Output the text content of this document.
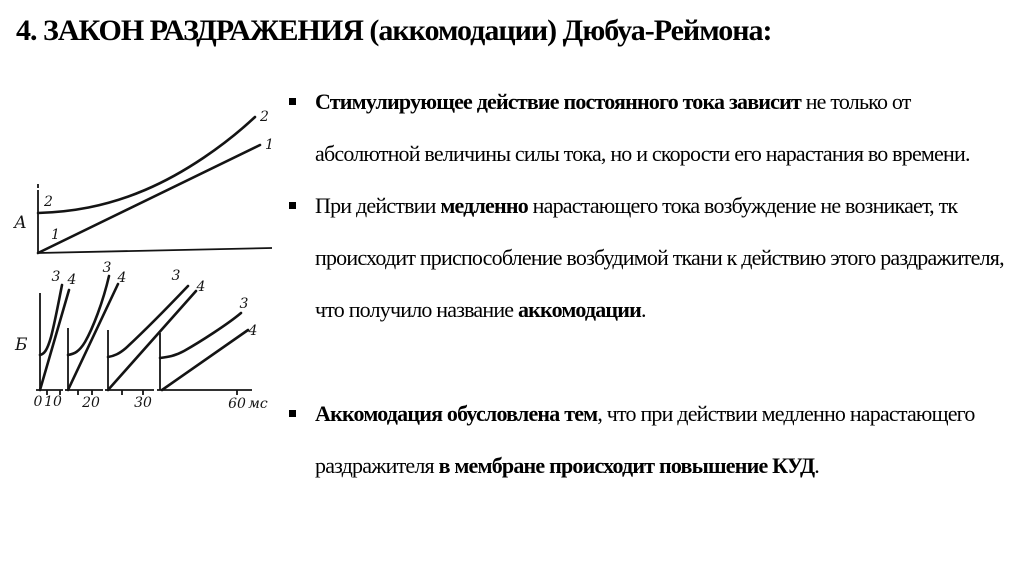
4. ЗАКОН РАЗДРАЖЕНИЯ (аккомодации) Дюбуа-Реймона:
А
2
1
2
1
Б
0 10 20 30	60 мс
3 4
3
4	3
4
3
4
Стимулирующее действие постоянного тока зависит не только от абсолютной величины силы тока, но и скорости его нарастания во времени.
При действии медленно нарастающего тока возбуждение не возникает, тк происходит приспособление возбудимой ткани к действию этого раздражителя, что получило название аккомодации.
Аккомодация обусловлена тем, что при действии медленно нарастающего раздражителя в мембране происходит повышение КУД.
